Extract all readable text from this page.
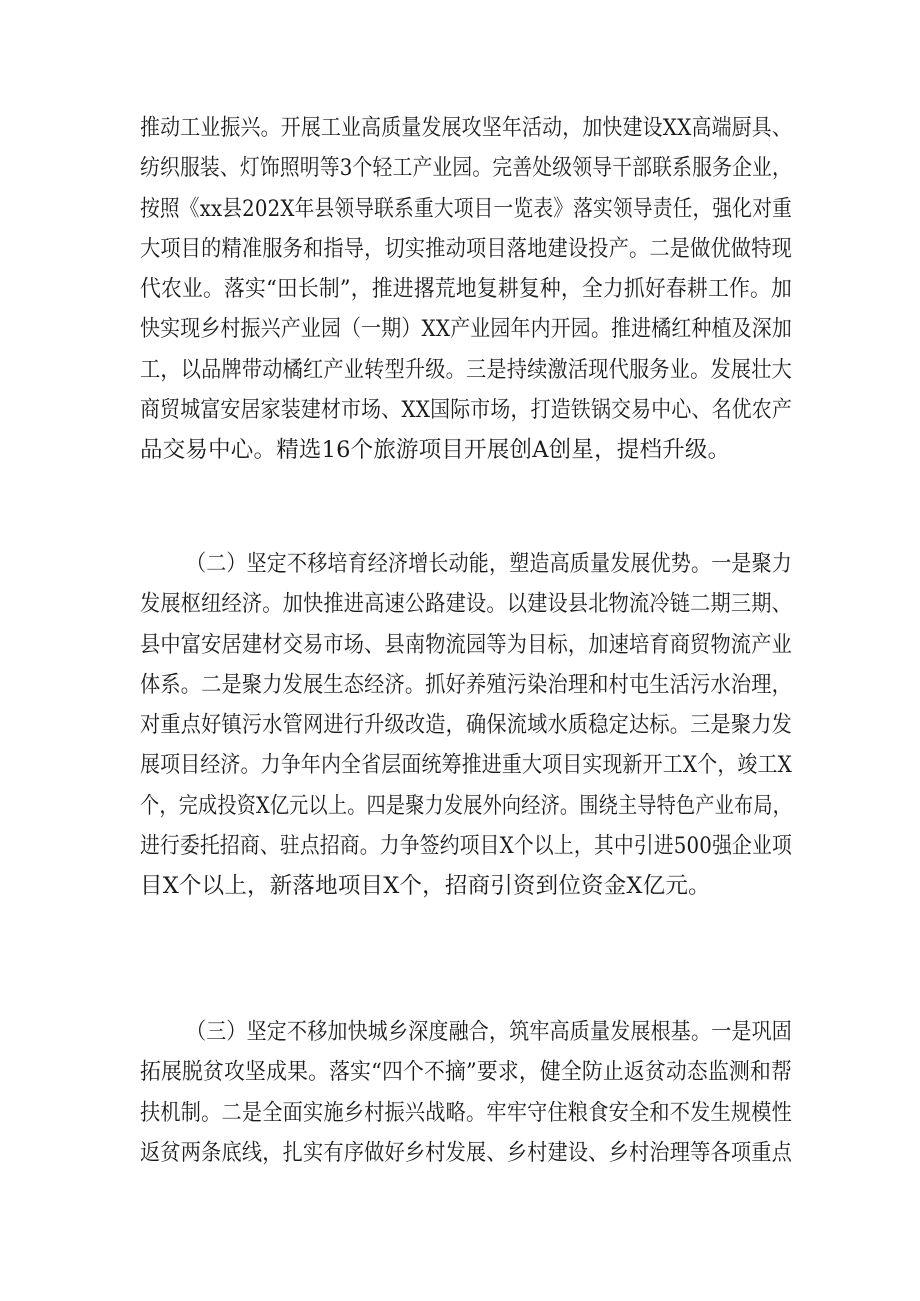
推动工业振兴。开展工业高质量发展攻坚年活动，加快建设XX高端厨具、
纺织服装、灯饰照明等3个轻工产业园。完善处级领导干部联系服务企业，
按照《xx县202X年县领导联系重大项目一览表》落实领导责任，强化对重
大项目的精准服务和指导，切实推动项目落地建设投产。二是做优做特现
代农业。落实“田长制”，推进撂荒地复耕复种，全力抓好春耕工作。加
快实现乡村振兴产业园（一期）XX产业园年内开园。推进橘红种植及深加
工，以品牌带动橘红产业转型升级。三是持续激活现代服务业。发展壮大
商贸城富安居家装建材市场、XX国际市场，打造铁锅交易中心、名优农产
品交易中心。精选16个旅游项目开展创A创星，提档升级。
（二）坚定不移培育经济增长动能，塑造高质量发展优势。一是聚力
发展枢纽经济。加快推进高速公路建设。以建设县北物流冷链二期三期、
县中富安居建材交易市场、县南物流园等为目标，加速培育商贸物流产业
体系。二是聚力发展生态经济。抓好养殖污染治理和村屯生活污水治理，
对重点好镇污水管网进行升级改造，确保流域水质稳定达标。三是聚力发
展项目经济。力争年内全省层面统筹推进重大项目实现新开工X个，竣工X
个，完成投资X亿元以上。四是聚力发展外向经济。围绕主导特色产业布局，
进行委托招商、驻点招商。力争签约项目X个以上，其中引进500强企业项
目X个以上，新落地项目X个，招商引资到位资金X亿元。
（三）坚定不移加快城乡深度融合，筑牢高质量发展根基。一是巩固
拓展脱贫攻坚成果。落实“四个不摘”要求，健全防止返贫动态监测和帮
扶机制。二是全面实施乡村振兴战略。牢牢守住粮食安全和不发生规模性
返贫两条底线，扎实有序做好乡村发展、乡村建设、乡村治理等各项重点
